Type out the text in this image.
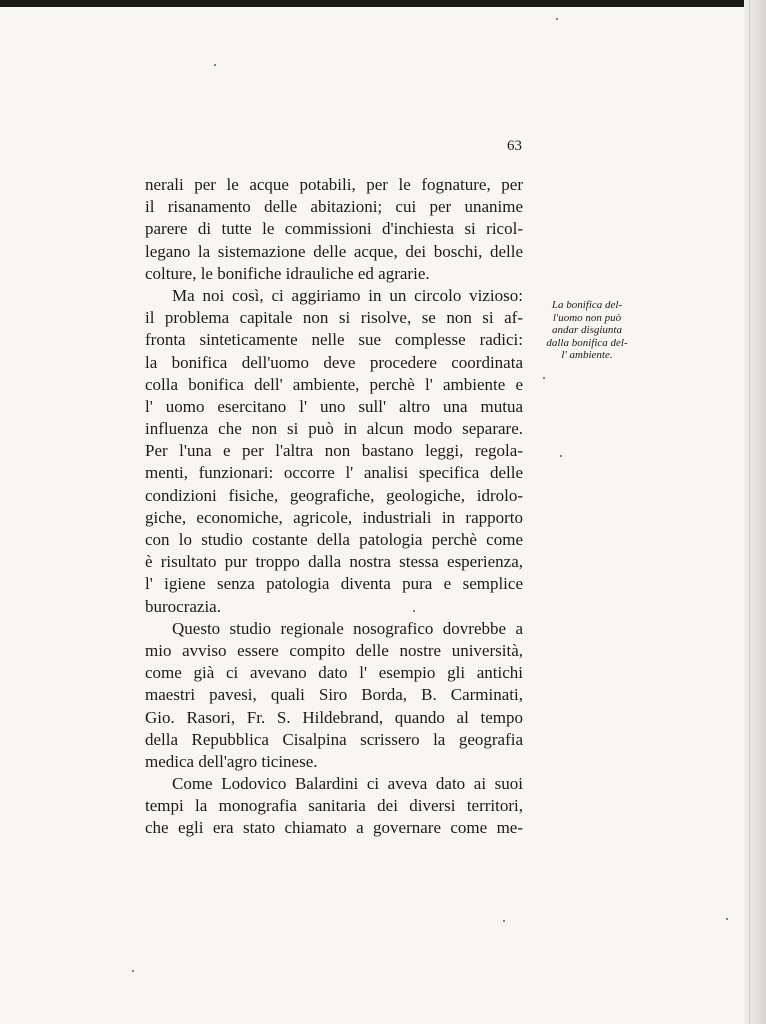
63
nerali per le acque potabili, per le fognature, per
il risanamento delle abitazioni; cui per unanime
parere di tutte le commissioni d'inchiesta si ricol-
legano la sistemazione delle acque, dei boschi, delle
colture, le bonifiche idrauliche ed agrarie.
Ma noi così, ci aggiriamo in un circolo vizioso:
il problema capitale non si risolve, se non si af-
fronta sinteticamente nelle sue complesse radici:
la bonifica dell'uomo deve procedere coordinata
colla bonifica dell' ambiente, perchè l' ambiente e
l' uomo esercitano l' uno sull' altro una mutua
influenza che non si può in alcun modo separare.
Per l'una e per l'altra non bastano leggi, regola-
menti, funzionari: occorre l' analisi specifica delle
condizioni fisiche, geografiche, geologiche, idrolo-
giche, economiche, agricole, industriali in rapporto
con lo studio costante della patologia perchè come
è risultato pur troppo dalla nostra stessa esperienza,
l' igiene senza patologia diventa pura e semplice
burocrazia.
Questo studio regionale nosografico dovrebbe a
mio avviso essere compito delle nostre università,
come già ci avevano dato l' esempio gli antichi
maestri pavesi, quali Siro Borda, B. Carminati,
Gio. Rasori, Fr. S. Hildebrand, quando al tempo
della Repubblica Cisalpina scrissero la geografia
medica dell'agro ticinese.
Come Lodovico Balardini ci aveva dato ai suoi
tempi la monografia sanitaria dei diversi territori,
che egli era stato chiamato a governare come me-
La bonifica del-
l'uomo non può
andar disgiunta
dalla bonifica del-
l' ambiente.
